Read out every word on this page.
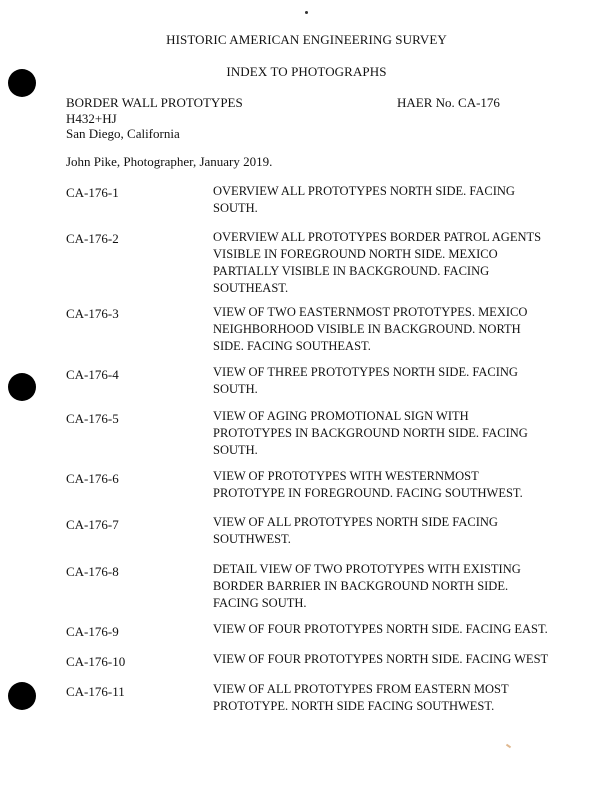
HISTORIC AMERICAN ENGINEERING SURVEY
INDEX TO PHOTOGRAPHS
BORDER WALL PROTOTYPES
H432+HJ
San Diego, California
HAER No. CA-176
John Pike, Photographer, January 2019.
CA-176-1	OVERVIEW ALL PROTOTYPES NORTH SIDE. FACING
SOUTH.
CA-176-2	OVERVIEW ALL PROTOTYPES BORDER PATROL AGENTS
VISIBLE IN FOREGROUND NORTH SIDE. MEXICO
PARTIALLY VISIBLE IN BACKGROUND. FACING
SOUTHEAST.
CA-176-3	VIEW OF TWO EASTERNMOST PROTOTYPES. MEXICO
NEIGHBORHOOD VISIBLE IN BACKGROUND. NORTH
SIDE. FACING SOUTHEAST.
CA-176-4	VIEW OF THREE PROTOTYPES NORTH SIDE. FACING
SOUTH.
CA-176-5	VIEW OF AGING PROMOTIONAL SIGN WITH
PROTOTYPES IN BACKGROUND NORTH SIDE. FACING
SOUTH.
CA-176-6	VIEW OF PROTOTYPES WITH WESTERNMOST
PROTOTYPE IN FOREGROUND. FACING SOUTHWEST.
CA-176-7	VIEW OF ALL PROTOTYPES NORTH SIDE FACING
SOUTHWEST.
CA-176-8	DETAIL VIEW OF TWO PROTOTYPES WITH EXISTING
BORDER BARRIER IN BACKGROUND NORTH SIDE.
FACING SOUTH.
CA-176-9	VIEW OF FOUR PROTOTYPES NORTH SIDE. FACING EAST.
CA-176-10	VIEW OF FOUR PROTOTYPES NORTH SIDE. FACING WEST
CA-176-11	VIEW OF ALL PROTOTYPES FROM EASTERN MOST
PROTOTYPE. NORTH SIDE FACING SOUTHWEST.
